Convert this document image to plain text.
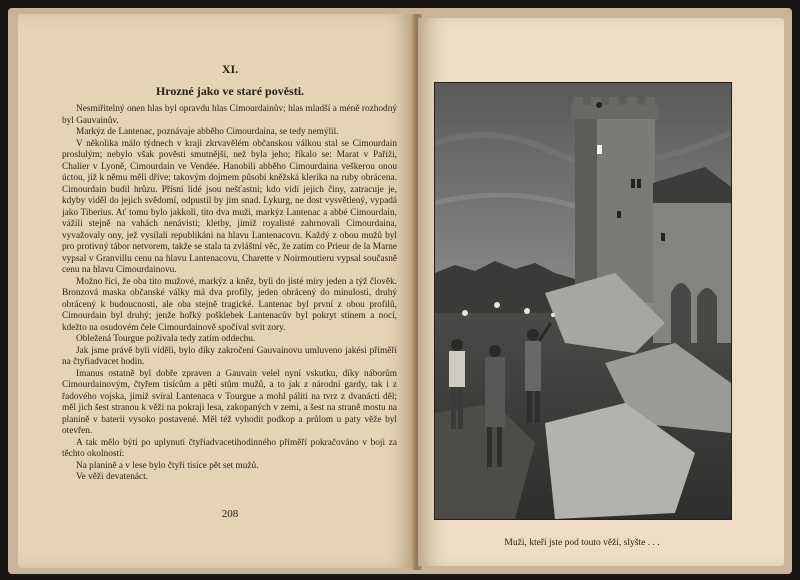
XI.
Hrozné jako ve staré pověsti.

Nesmiřitelný onen hlas byl opravdu hlas Cimourdainův; hlas mladší a méně rozhodný byl Gauvainův.

Markýz de Lantenac, poznávaje abběho Cimourdaina, se tedy nemýlil.

V několika málo týdnech v kraji zkrvavělém občanskou válkou stal se Cimourdain proslulým; nebylo však pověsti smutnější, než byla jeho; říkalo se: Marat v Paříži, Chalier v Lyoně, Cimourdain ve Vendée. Hanobili abběho Cimourdaina veškerou onou úctou, jíž k němu měli dříve; takovým dojmem působí kněžská klerika na ruby obrácena. Cimourdain budil hrůzu. Přísní lidé jsou nešťastni; kdo vidí jejich činy, zatracuje je, kdyby viděl do jejich svědomí, odpustil by jim snad. Lykurg, ne dost vysvětlený, vypadá jako Tiberius. Ať tomu bylo jakkoli, tito dva muži, markýz Lantenac a abbé Cimourdain, vážili stejně na vahách nenávisti; kletby, jimiž royalisté zahrnovali Cimourdaina, vyvažovaly ony, jež vysílali republikáni na hlavu Lantenacovu. Každý z obou mužů byl pro protivný tábor netvorem, takže se stala ta zvláštní věc, že zatím co Prieur de la Marne vypsal v Granvillu cenu na hlavu Lantenacovu, Charette v Noirmoutieru vypsal současně cenu na hlavu Cimourdainovu.

Možno říci, že oba tito mužové, markýz a kněz, byli do jisté míry jeden a týž člověk. Bronzová maska občanské války má dva profily, jeden obrácený do minulosti, druhý obrácený k budoucnosti, ale oba stejně tragické. Lantenac byl první z obou profilů, Cimourdain byl druhý; jenže hořký pošklebek Lantenacův byl pokryt stínem a nocí, kdežto na osudovém čele Cimourdainově spočíval svit zory.

Obležená Tourgue požívala tedy zatím oddechu.

Jak jsme právě byli viděli, bylo díky zakročení Gauvainovu umluveno jakési příměří na čtyřiadvacet hodin.

Imanus ostatně byl dobře zpraven a Gauvain velel nyní vskutku, díky náborům Cimourdainovým, čtyřem tisícům a pěti stům mužů, a to jak z národní gardy, tak i z řadového vojska, jimiž svíral Lantenaca v Tourgue a mohl páliti na tvrz z dvanácti děl; měl jich šest stranou k věži na pokraji lesa, zakopaných v zemi, a šest na straně mostu na planině v baterii vysoko postavené. Měl též vyhodit podkop a průlom u paty věže byl otevřen.

A tak mělo býti po uplynutí čtyřiadvacetihodinného příměří pokračováno v boji za těchto okolností:

Na planině a v lese bylo čtyři tisíce pět set mužů.

Ve věži devatenáct.

208
Muži, kteří jste pod touto věží, slyšte . . .
